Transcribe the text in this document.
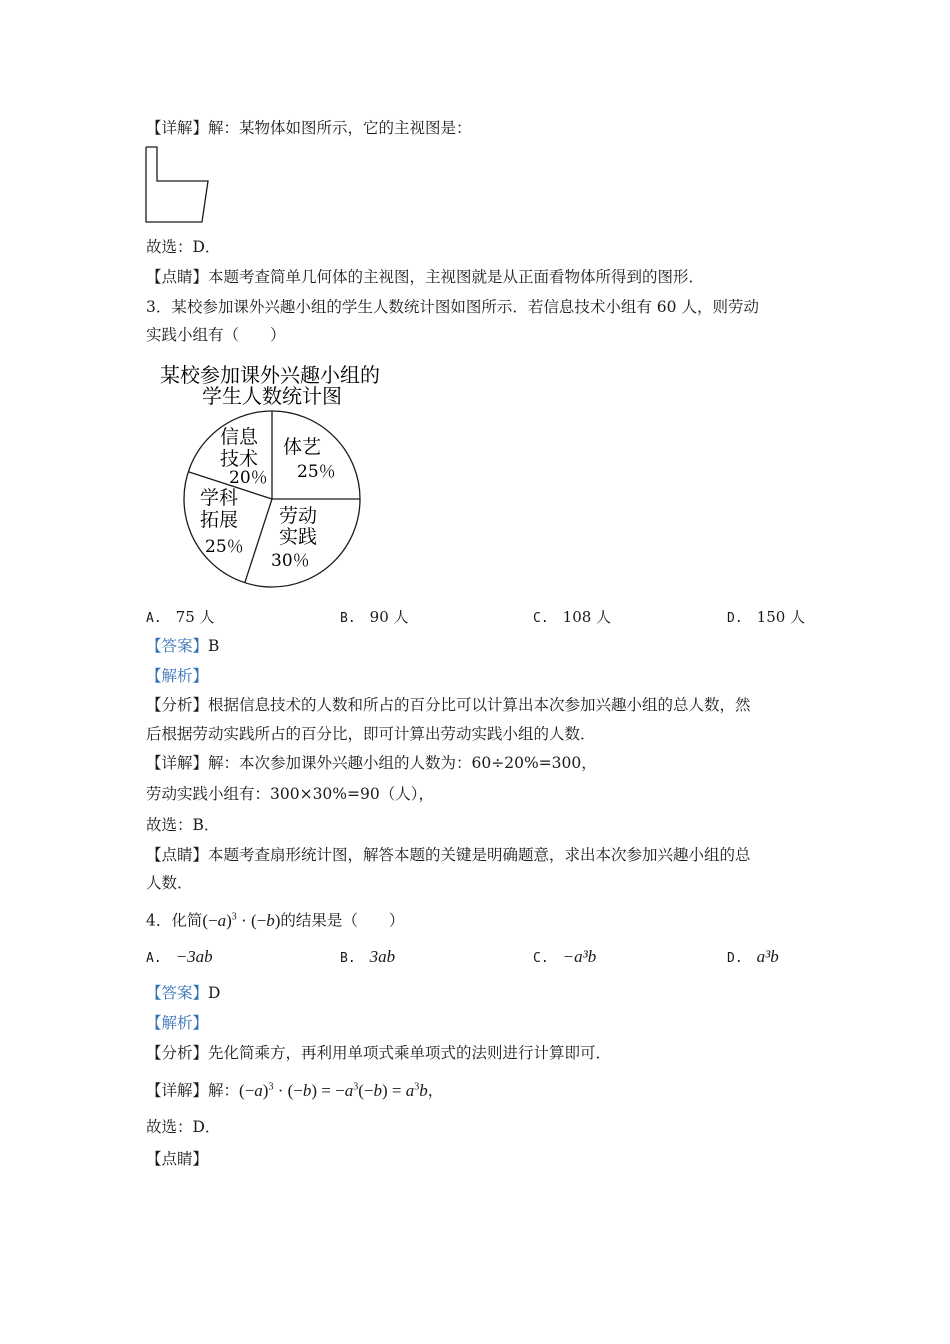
【详解】解：某物体如图所示，它的主视图是：
故选：D．
【点睛】本题考查简单几何体的主视图，主视图就是从正面看物体所得到的图形．
3．某校参加课外兴趣小组的学生人数统计图如图所示．若信息技术小组有 60 人，则劳动
实践小组有（　　）
某校参加课外兴趣小组的
学生人数统计图
体艺
25％
劳动
实践
30％
学科
拓展
25％
信息
技术
20％
A. 75 人	B. 90 人	C. 108 人	D. 150 人
【答案】B
【解析】
【分析】根据信息技术的人数和所占的百分比可以计算出本次参加兴趣小组的总人数，然
后根据劳动实践所占的百分比，即可计算出劳动实践小组的人数．
【详解】解：本次参加课外兴趣小组的人数为：60÷20%=300，
劳动实践小组有：300×30%=90（人），
故选：B．
【点睛】本题考查扇形统计图，解答本题的关键是明确题意，求出本次参加兴趣小组的总
人数．
4．化简$(-a)^3 \cdot (-b)$的结果是（　　）
A. −3ab	B. 3ab	C. −a³b	D. a³b
【答案】D
【解析】
【分析】先化简乘方，再利用单项式乘单项式的法则进行计算即可．
【详解】解：$(-a)^3 \cdot (-b) = -a^3(-b) = a^3b$，
故选：D．
【点睛】
